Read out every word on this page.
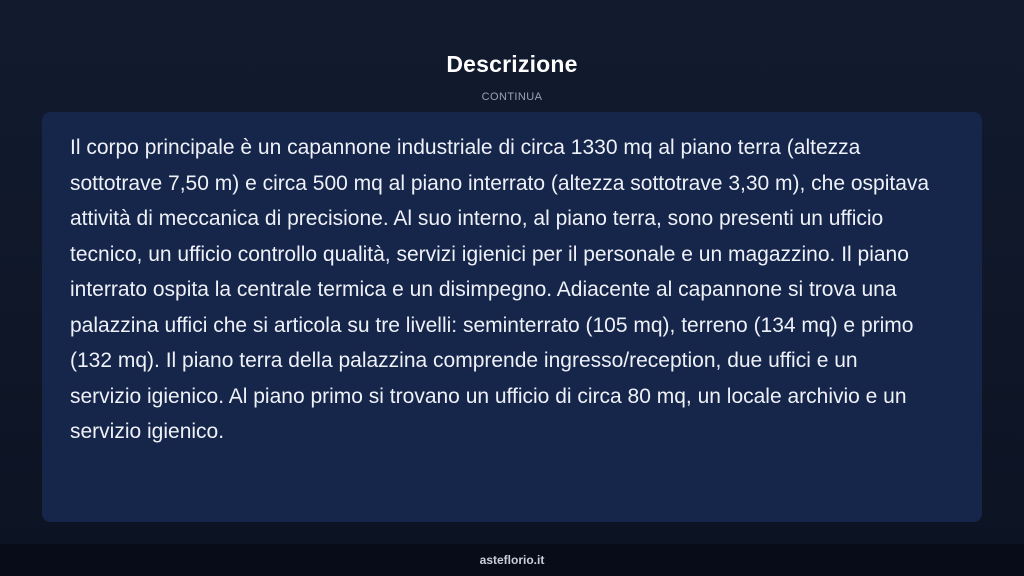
Descrizione
CONTINUA

Il corpo principale è un capannone industriale di circa 1330 mq al piano terra (altezza sottotrave 7,50 m) e circa 500 mq al piano interrato (altezza sottotrave 3,30 m), che ospitava attività di meccanica di precisione. Al suo interno, al piano terra, sono presenti un ufficio tecnico, un ufficio controllo qualità, servizi igienici per il personale e un magazzino. Il piano interrato ospita la centrale termica e un disimpegno. Adiacente al capannone si trova una palazzina uffici che si articola su tre livelli: seminterrato (105 mq), terreno (134 mq) e primo (132 mq). Il piano terra della palazzina comprende ingresso/reception, due uffici e un servizio igienico. Al piano primo si trovano un ufficio di circa 80 mq, un locale archivio e un servizio igienico.

asteflorio.it
